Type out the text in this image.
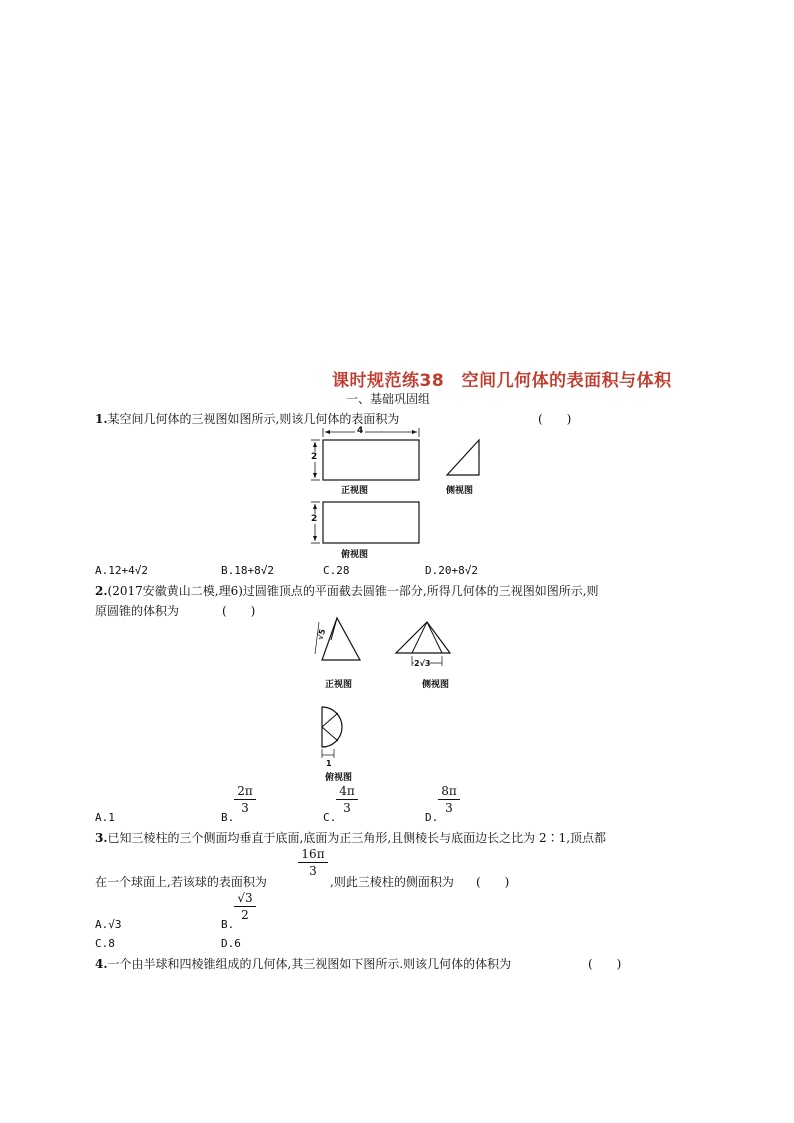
课时规范练38　空间几何体的表面积与体积
一、基础巩固组
1.某空间几何体的三视图如图所示,则该几何体的表面积为	(　　)
4
2
2
正视图	侧视图
俯视图
A.12+4√2	B.18+8√2	C.28	D.20+8√2
2.(2017安徽黄山二模,理6)过圆锥顶点的平面截去圆锥一部分,所得几何体的三视图如图所示,则
原圆锥的体积为	(　　)
√5
2√3
1
正视图	侧视图
俯视图
A.1	B.
2π
3
C.
4π
3
D.
8π
3
3.已知三棱柱的三个侧面均垂直于底面,底面为正三角形,且侧棱长与底面边长之比为 2∶1,顶点都
在一个球面上,若该球的表面积为
16π
3
,则此三棱柱的侧面积为 (　　)
A.√3	B.
√3
2
C.8	D.6
4.一个由半球和四棱锥组成的几何体,其三视图如下图所示.则该几何体的体积为	(　　)
